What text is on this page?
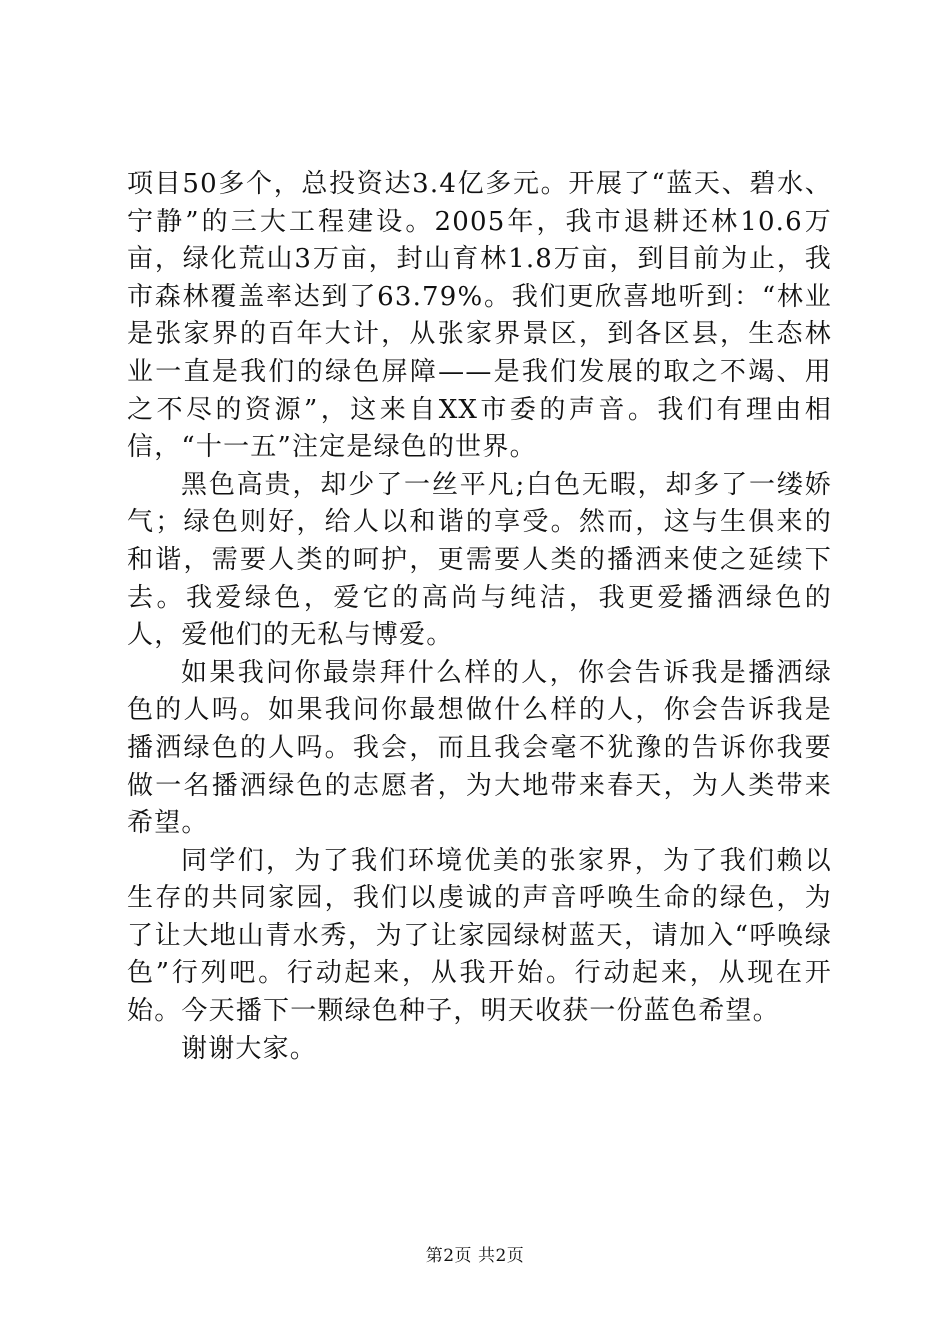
项目50多个，总投资达3.4亿多元。开展了“蓝天、碧水、宁静”的三大工程建设。2005年，我市退耕还林10.6万亩，绿化荒山3万亩，封山育林1.8万亩，到目前为止，我市森林覆盖率达到了63.79%。我们更欣喜地听到：“林业是张家界的百年大计，从张家界景区，到各区县，生态林业一直是我们的绿色屏障——是我们发展的取之不竭、用之不尽的资源”，这来自XX市委的声音。我们有理由相信，“十一五”注定是绿色的世界。

黑色高贵，却少了一丝平凡;白色无暇，却多了一缕娇气；绿色则好，给人以和谐的享受。然而，这与生俱来的和谐，需要人类的呵护，更需要人类的播洒来使之延续下去。我爱绿色，爱它的高尚与纯洁，我更爱播洒绿色的人，爱他们的无私与博爱。

如果我问你最崇拜什么样的人，你会告诉我是播洒绿色的人吗。如果我问你最想做什么样的人，你会告诉我是播洒绿色的人吗。我会，而且我会毫不犹豫的告诉你我要做一名播洒绿色的志愿者，为大地带来春天，为人类带来希望。

同学们，为了我们环境优美的张家界，为了我们赖以生存的共同家园，我们以虔诚的声音呼唤生命的绿色，为了让大地山青水秀，为了让家园绿树蓝天，请加入“呼唤绿色”行列吧。行动起来，从我开始。行动起来，从现在开始。今天播下一颗绿色种子，明天收获一份蓝色希望。

谢谢大家。

第2页 共2页
